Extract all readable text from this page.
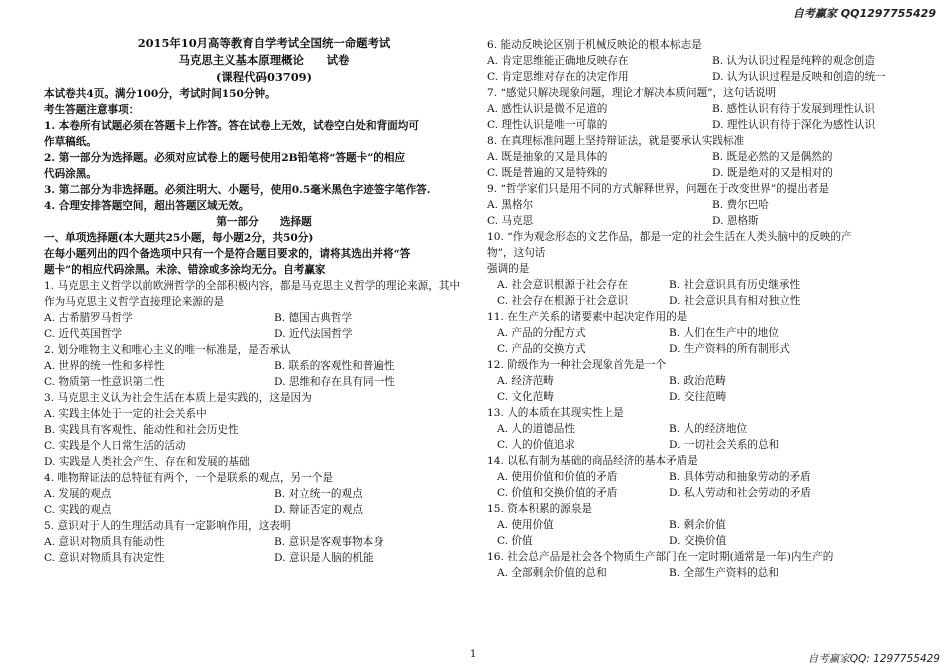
自考赢家 QQ1297755429
2015年10月高等教育自学考试全国统一命题考试
马克思主义基本原理概论　　试卷
(课程代码03709)
本试卷共4页。满分100分，考试时间150分钟。
考生答题注意事项：
1. 本卷所有试题必须在答题卡上作答。答在试卷上无效，试卷空白处和背面均可
作草稿纸。
2. 第一部分为选择题。必须对应试卷上的题号使用2B铅笔将“答题卡”的相应
代码涂黑。
3. 第二部分为非选择题。必须注明大、小题号，使用0.5毫米黑色字迹签字笔作答.
4. 合理安排答题空间，超出答题区域无效。
第一部分　　选择题
一、单项选择题(本大题共25小题，每小题2分，共50分)
在每小题列出的四个备选项中只有一个是符合题目要求的，请将其选出并将“答
题卡”的相应代码涂黑。未涂、错涂或多涂均无分。自考赢家
1. 马克思主义哲学以前欧洲哲学的全部积极内容，都是马克思主义哲学的理论来源，其中
作为马克思主义哲学直接理论来源的是
A. 古希腊罗马哲学	B. 德国古典哲学
C. 近代英国哲学	D. 近代法国哲学
2. 划分唯物主义和唯心主义的唯一标准是，是否承认
A. 世界的统一性和多样性	B. 联系的客观性和普遍性
C. 物质第一性意识第二性	D. 思维和存在具有同一性
3. 马克思主义认为社会生活在本质上是实践的，这是因为
A. 实践主体处于一定的社会关系中
B. 实践具有客观性、能动性和社会历史性
C. 实践是个人日常生活的活动
D. 实践是人类社会产生、存在和发展的基础
4. 唯物辩证法的总特征有两个，一个是联系的观点，另一个是
A. 发展的观点	B. 对立统一的观点
C. 实践的观点	D. 辩证否定的观点
5. 意识对于人的生理活动具有一定影响作用，这表明
A. 意识对物质具有能动性	B. 意识是客观事物本身
C. 意识对物质具有决定性	D. 意识是人脑的机能
6. 能动反映论区别于机械反映论的根本标志是
A. 肯定思维能正确地反映存在	B. 认为认识过程是纯粹的观念创造
C. 肯定思维对存在的决定作用	D. 认为认识过程是反映和创造的统一
7. “感觉只解决现象问题，理论才解决本质问题”，这句话说明
A. 感性认识是微不足道的	B. 感性认识有待于发展到理性认识
C. 理性认识是唯一可靠的	D. 理性认识有待于深化为感性认识
8. 在真理标准问题上坚持辩证法，就是要承认实践标准
A. 既是抽象的又是具体的	B. 既是必然的又是偶然的
C. 既是普遍的又是特殊的	D. 既是绝对的又是相对的
9. “哲学家们只是用不同的方式解释世界，问题在于改变世界”的提出者是
A. 黑格尔	B. 费尔巴哈
C. 马克思	D. 恩格斯
10. “作为观念形态的文艺作品，都是一定的社会生活在人类头脑中的反映的产
物”，这句话
强调的是
A. 社会意识根源于社会存在	B. 社会意识具有历史继承性
C. 社会存在根源于社会意识	D. 社会意识具有相对独立性
11. 在生产关系的诸要素中起决定作用的是
A. 产品的分配方式	B. 人们在生产中的地位
C. 产品的交换方式	D. 生产资料的所有制形式
12. 阶级作为一种社会现象首先是一个
A. 经济范畴	B. 政治范畴
C. 文化范畴	D. 交往范畴
13. 人的本质在其现实性上是
A. 人的道德品性	B. 人的经济地位
C. 人的价值追求	D. 一切社会关系的总和
14. 以私有制为基础的商品经济的基本矛盾是
A. 使用价值和价值的矛盾	B. 具体劳动和抽象劳动的矛盾
C. 价值和交换价值的矛盾	D. 私人劳动和社会劳动的矛盾
15. 资本积累的源泉是
A. 使用价值	B. 剩余价值
C. 价值	D. 交换价值
16. 社会总产品是社会各个物质生产部门在一定时期(通常是一年)内生产的
A. 全部剩余价值的总和	B. 全部生产资料的总和
1	自考赢家QQ: 1297755429
